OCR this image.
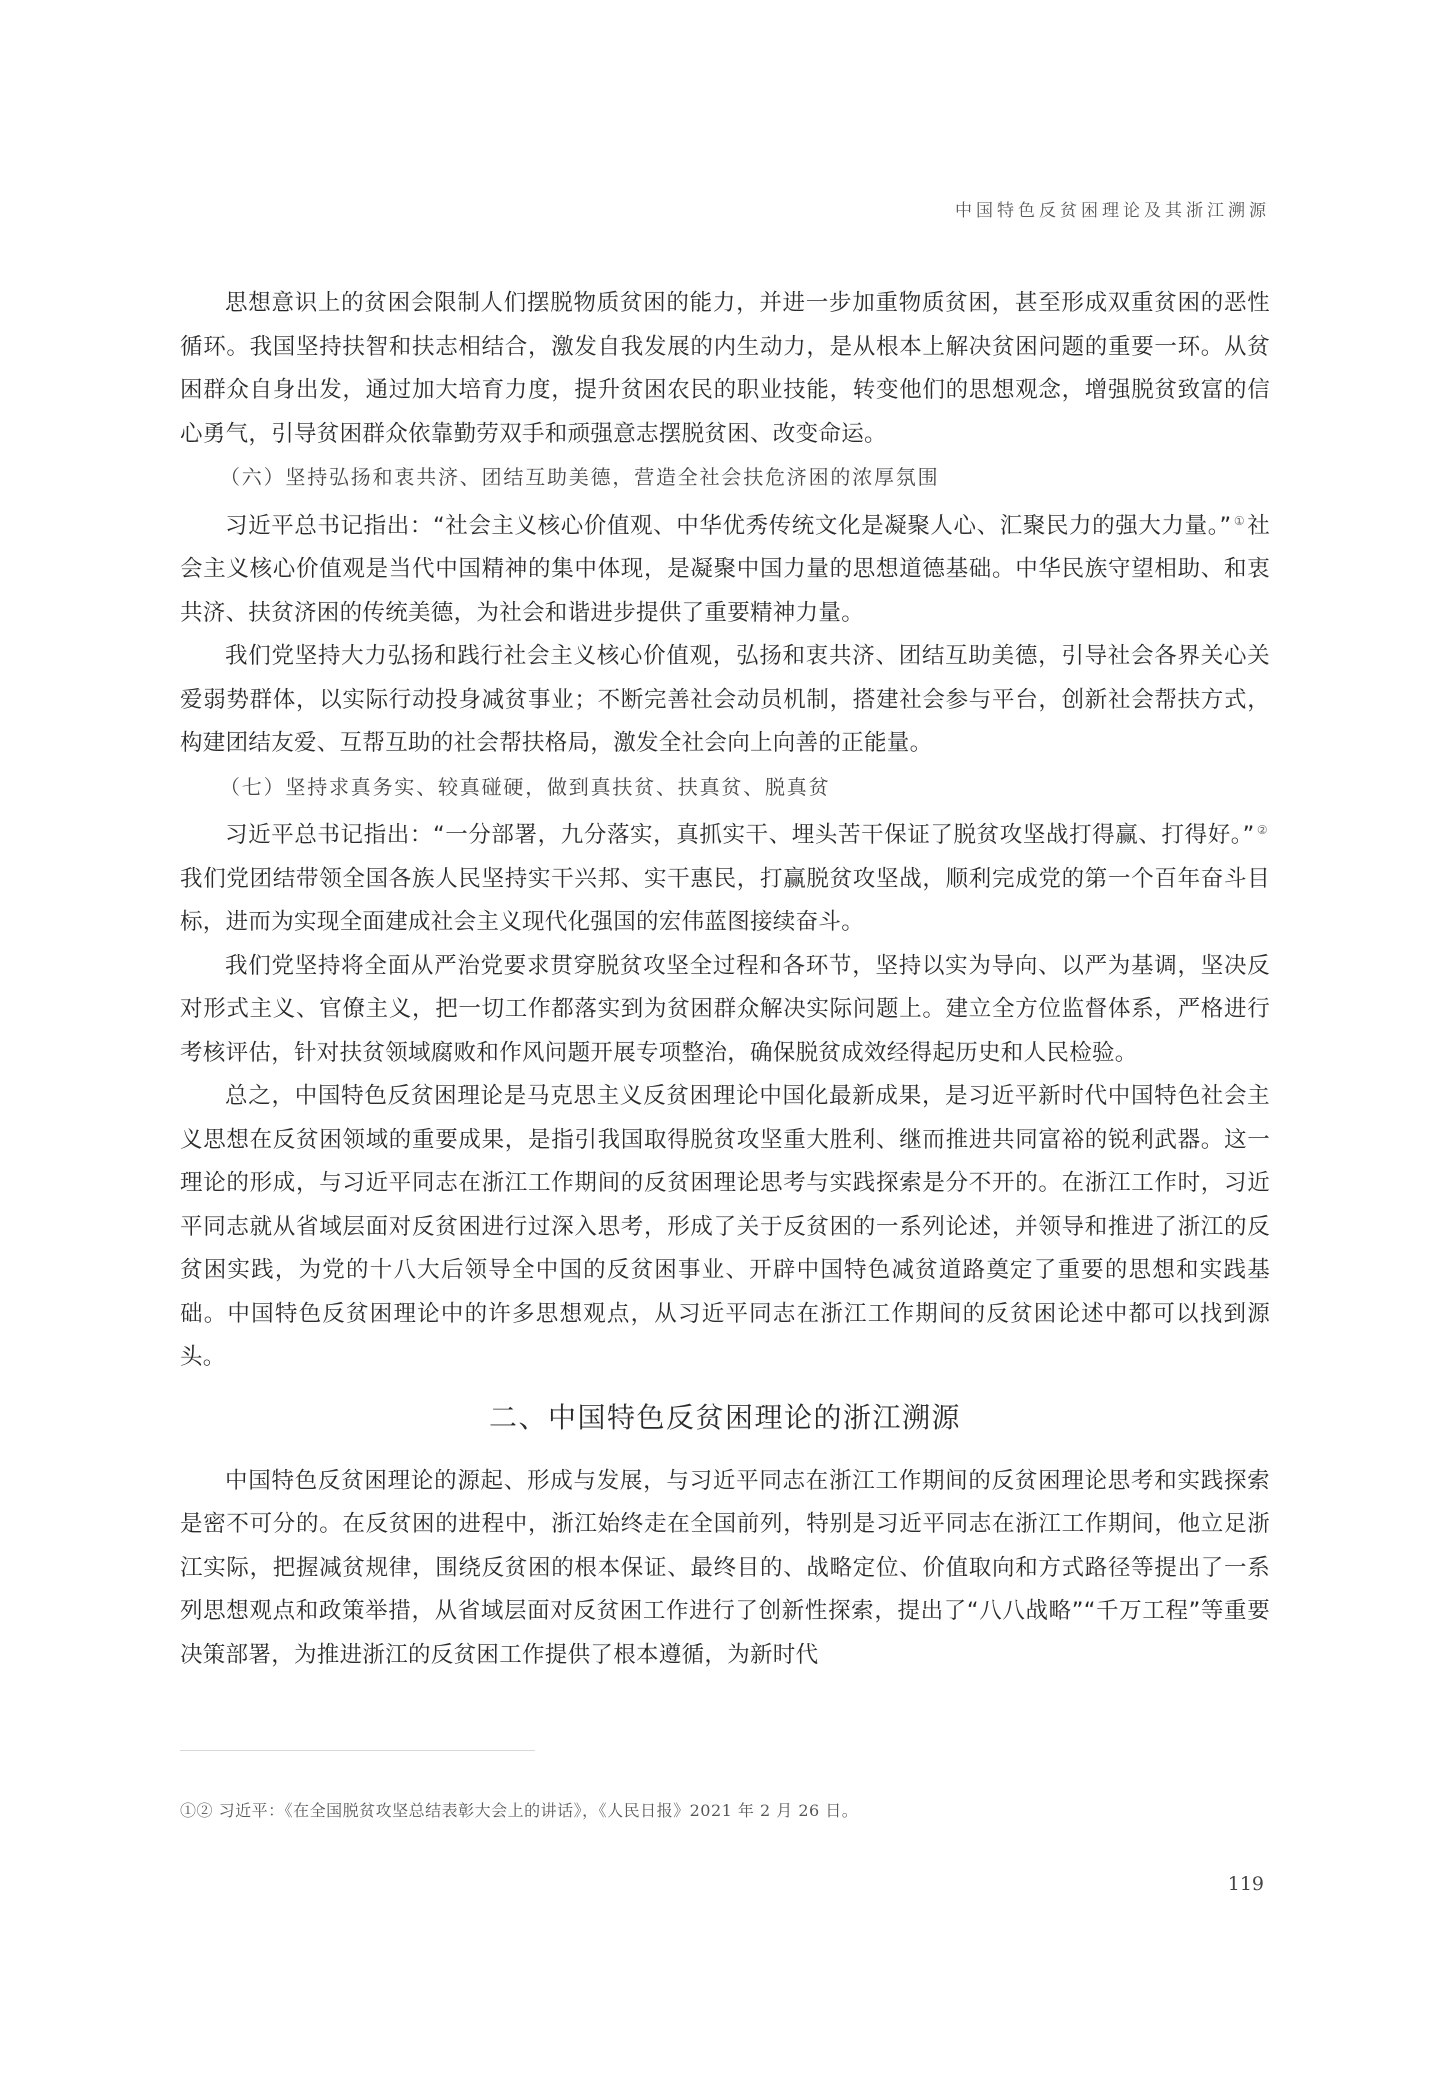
中国特色反贫困理论及其浙江溯源

思想意识上的贫困会限制人们摆脱物质贫困的能力，并进一步加重物质贫困，甚至形成双重贫困的恶性循环。我国坚持扶智和扶志相结合，激发自我发展的内生动力，是从根本上解决贫困问题的重要一环。从贫困群众自身出发，通过加大培育力度，提升贫困农民的职业技能，转变他们的思想观念，增强脱贫致富的信心勇气，引导贫困群众依靠勤劳双手和顽强意志摆脱贫困、改变命运。

（六）坚持弘扬和衷共济、团结互助美德，营造全社会扶危济困的浓厚氛围

习近平总书记指出：“社会主义核心价值观、中华优秀传统文化是凝聚人心、汇聚民力的强大力量。” ①社会主义核心价值观是当代中国精神的集中体现，是凝聚中国力量的思想道德基础。中华民族守望相助、和衷共济、扶贫济困的传统美德，为社会和谐进步提供了重要精神力量。

我们党坚持大力弘扬和践行社会主义核心价值观，弘扬和衷共济、团结互助美德，引导社会各界关心关爱弱势群体，以实际行动投身减贫事业；不断完善社会动员机制，搭建社会参与平台，创新社会帮扶方式，构建团结友爱、互帮互助的社会帮扶格局，激发全社会向上向善的正能量。

（七）坚持求真务实、较真碰硬，做到真扶贫、扶真贫、脱真贫

习近平总书记指出：“一分部署，九分落实，真抓实干、埋头苦干保证了脱贫攻坚战打得赢、打得好。” ②我们党团结带领全国各族人民坚持实干兴邦、实干惠民，打赢脱贫攻坚战，顺利完成党的第一个百年奋斗目标，进而为实现全面建成社会主义现代化强国的宏伟蓝图接续奋斗。

我们党坚持将全面从严治党要求贯穿脱贫攻坚全过程和各环节，坚持以实为导向、以严为基调，坚决反对形式主义、官僚主义，把一切工作都落实到为贫困群众解决实际问题上。建立全方位监督体系，严格进行考核评估，针对扶贫领域腐败和作风问题开展专项整治，确保脱贫成效经得起历史和人民检验。

总之，中国特色反贫困理论是马克思主义反贫困理论中国化最新成果，是习近平新时代中国特色社会主义思想在反贫困领域的重要成果，是指引我国取得脱贫攻坚重大胜利、继而推进共同富裕的锐利武器。这一理论的形成，与习近平同志在浙江工作期间的反贫困理论思考与实践探索是分不开的。在浙江工作时，习近平同志就从省域层面对反贫困进行过深入思考，形成了关于反贫困的一系列论述，并领导和推进了浙江的反贫困实践，为党的十八大后领导全中国的反贫困事业、开辟中国特色减贫道路奠定了重要的思想和实践基础。中国特色反贫困理论中的许多思想观点，从习近平同志在浙江工作期间的反贫困论述中都可以找到源头。

二、中国特色反贫困理论的浙江溯源

中国特色反贫困理论的源起、形成与发展，与习近平同志在浙江工作期间的反贫困理论思考和实践探索是密不可分的。在反贫困的进程中，浙江始终走在全国前列，特别是习近平同志在浙江工作期间，他立足浙江实际，把握减贫规律，围绕反贫困的根本保证、最终目的、战略定位、价值取向和方式路径等提出了一系列思想观点和政策举措，从省域层面对反贫困工作进行了创新性探索，提出了“八八战略”“千万工程”等重要决策部署，为推进浙江的反贫困工作提供了根本遵循，为新时代

①② 习近平：《在全国脱贫攻坚总结表彰大会上的讲话》，《人民日报》2021 年 2 月 26 日。
119
